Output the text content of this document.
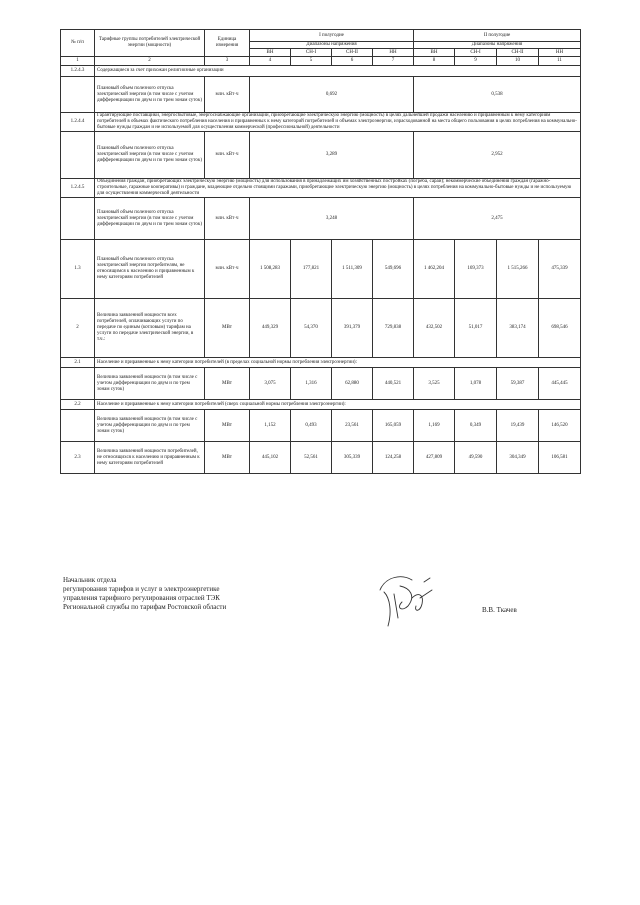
№ п/п	Тарифные группы потребителей электрической энергии (мощности)	Единица измерения	I полугодие				II полугодие			
			Диапазоны напряжения				Диапазоны напряжения			
			ВН	СН-I	СН-II	НН	ВН	СН-I	СН-II	НН
1	2	3	4	5	6	7	8	9	10	11
1.2.4.3	Содержащиеся за счет прихожан религиозные организации									
	Плановый объем полезного отпуска электрической энергии (в том числе с учетом дифференциации по двум и по трем зонам суток)	млн. кВт·ч	0,692				0,538			
1.2.4.4	Гарантирующие поставщики, энергосбытовые, энергоснабжающие организации, приобретающие электрическую энергию (мощность) в целях дальнейшей продажи населению и приравненным к нему категориям потребителей в объемах фактического потребления населения и приравненных к нему категорий потребителей и объемах электроэнергии, израсходованной на места общего пользования в целях потребления на коммунально-бытовые нужды граждан и не используемой для осуществления коммерческой (профессиональной) деятельности									
	Плановый объем полезного отпуска электрической энергии (в том числе с учетом дифференциации по двум и по трем зонам суток)	млн. кВт·ч	3,289				2,952			
1.2.4.5	Объединения граждан, приобретающих электрическую энергию (мощность) для использования в принадлежащих им хозяйственных постройках (погреба, сараи); некоммерческие объединения граждан (гаражно-строительные, гаражные кооперативы) и граждане, владеющие отдельно стоящими гаражами, приобретающие электрическую энергию (мощность) в целях потребления на коммунально-бытовые нужды и не используемую для осуществления коммерческой деятельности									
	Плановый объем полезного отпуска электрической энергии (в том числе с учетом дифференциации по двум и по трем зонам суток)	млн. кВт·ч	3,248				2,475			
1.3	Плановый объем полезного отпуска электрической энергии потребителям, не относящимся к населению и приравненным к нему категориям потребителей	млн. кВт·ч	1 508,283	177,821	1 511,309	549,696	1 462,204	169,373	1 515,266	475,339
2	Величина заявленной мощности всех потребителей, оплачивающих услуги по передаче по единым (котловым) тарифам на услуги по передаче электрической энергии, в т.ч.:	МВт	449,329	54,370	391,379	729,838	432,502	51,017	383,174	698,546
2.1	Население и приравненные к нему категории потребителей (в пределах социальной нормы потребления электроэнергии):									
	Величина заявленной мощности (в том числе с учетом дифференциации по двум и по трем зонам суток)	МВт	3,075	1,316	62,880	440,521	3,525	1,078	59,387	445,445
2.2	Население и приравненные к нему категории потребителей (сверх социальной нормы потребления электроэнергии):									
	Величина заявленной мощности (в том числе с учетом дифференциации по двум и по трем зонам суток)	МВт	1,152	0,493	23,561	165,059	1,169	0,349	19,439	146,520
2.3	Величина заявленной мощности потребителей, не относящихся к населению и приравненным к нему категориям потребителей	МВт	445,102	52,561	305,339	124,258	427,809	49,590	304,349	106,581
Начальник отдела
регулирования тарифов и услуг в электроэнергетике
управления тарифного регулирования отраслей ТЭК
Региональной службы по тарифам Ростовской области	В.В. Ткачев
